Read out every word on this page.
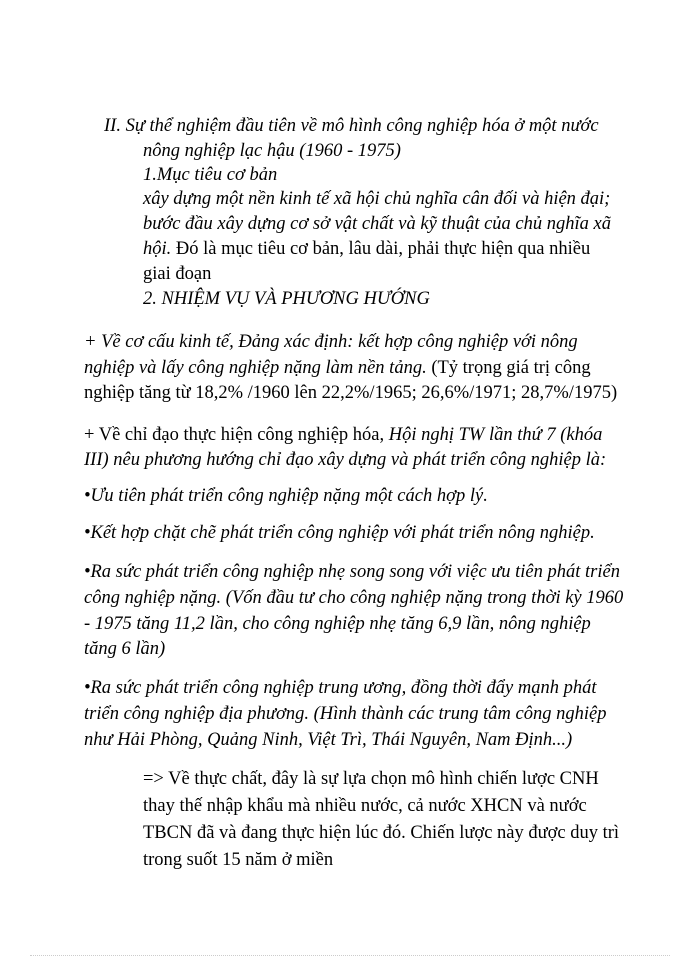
II. Sự thể nghiệm đầu tiên về mô hình công nghiệp hóa ở một nước
nông nghiệp lạc hậu (1960 - 1975)
1.Mục tiêu cơ bản
xây dựng một nền kinh tế xã hội chủ nghĩa cân đối và hiện đại;
bước đầu xây dựng cơ sở vật chất và kỹ thuật của chủ nghĩa xã
hội. Đó là mục tiêu cơ bản, lâu dài, phải thực hiện qua nhiều
giai đoạn
2. NHIỆM VỤ VÀ PHƯƠNG HƯỚNG
+ Về cơ cấu kinh tế, Đảng xác định: kết hợp công nghiệp với nông
nghiệp và lấy công nghiệp nặng làm nền tảng. (Tỷ trọng giá trị công
nghiệp tăng từ 18,2% /1960 lên 22,2%/1965; 26,6%/1971; 28,7%/1975)
+ Về chỉ đạo thực hiện công nghiệp hóa, Hội nghị TW lần thứ 7 (khóa
III) nêu phương hướng chỉ đạo xây dựng và phát triển công nghiệp là:
•Ưu tiên phát triển công nghiệp nặng một cách hợp lý.
•Kết hợp chặt chẽ phát triển công nghiệp với phát triển nông nghiệp.
•Ra sức phát triển công nghiệp nhẹ song song với việc ưu tiên phát triển
công nghiệp nặng. (Vốn đầu tư cho công nghiệp nặng trong thời kỳ 1960
- 1975 tăng 11,2 lần, cho công nghiệp nhẹ tăng 6,9 lần, nông nghiệp
tăng 6 lần)
•Ra sức phát triển công nghiệp trung ương, đồng thời đẩy mạnh phát
triển công nghiệp địa phương. (Hình thành các trung tâm công nghiệp
như Hải Phòng, Quảng Ninh, Việt Trì, Thái Nguyên, Nam Định...)
=> Về thực chất, đây là sự lựa chọn mô hình chiến lược CNH
thay thế nhập khẩu mà nhiều nước, cả nước XHCN và nước
TBCN đã và đang thực hiện lúc đó. Chiến lược này được duy trì
trong suốt 15 năm ở miền
